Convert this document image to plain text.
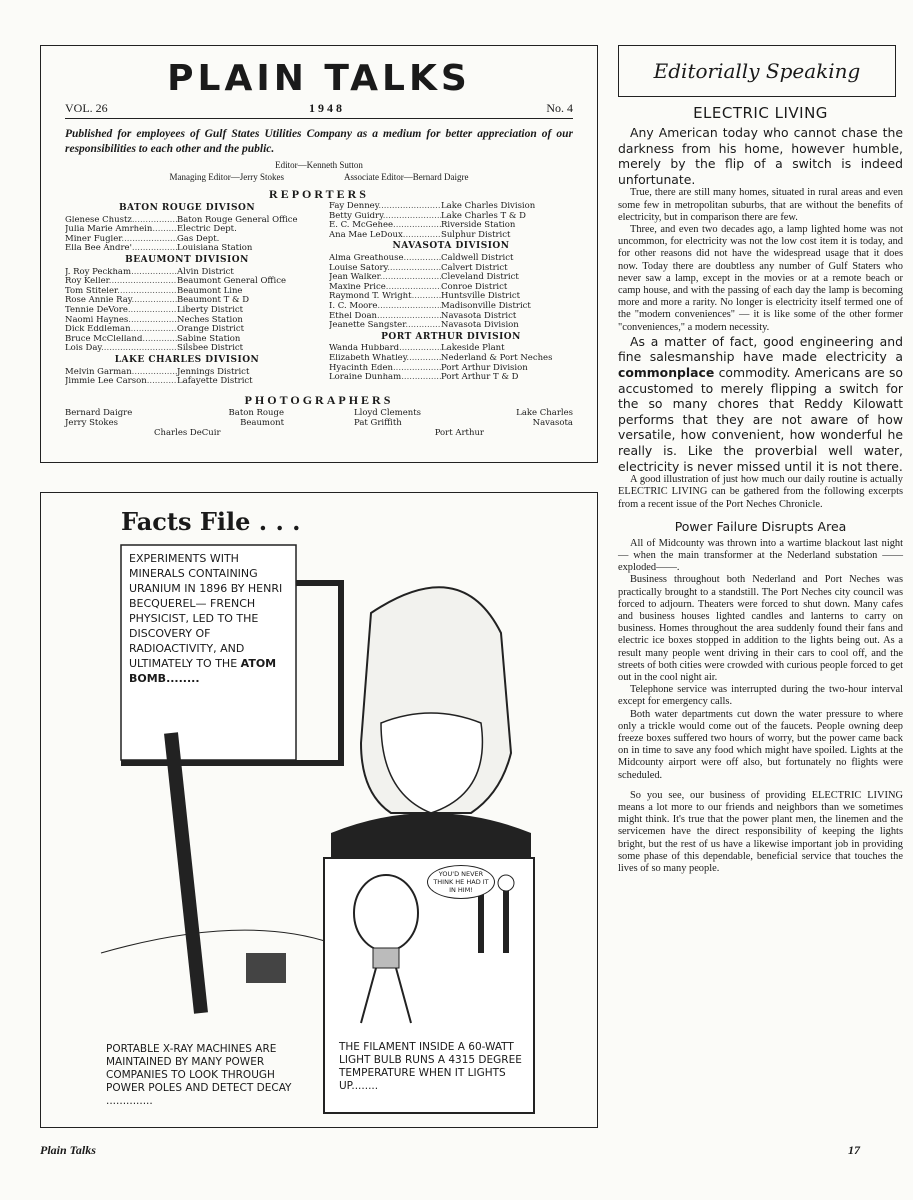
PLAIN TALKS
VOL. 26	1948	No. 4

Published for employees of Gulf States Utilities Company as a medium for better appreciation of our responsibilities to each other and the public.

Editor—Kenneth Sutton
Managing Editor—Jerry Stokes	Associate Editor—Bernard Daigre
REPORTERS
BATON ROUGE DIVISON
Glenese Chustz .....	Baton Rouge General Office
Julia Marie Amrhein .....	Electric Dept.
Miner Fugler .....	Gas Dept.
Ella Bee Andre' .....	Louisiana Station
BEAUMONT DIVISION
J. Roy Peckham .....	Alvin District
Roy Keller .....	Beaumont General Office
Tom Stiteler .....	Beaumont Line
Rose Annie Ray .....	Beaumont T & D
Tennie DeVore .....	Liberty District
Naomi Haynes .....	Neches Station
Dick Eddleman .....	Orange District
Bruce McClelland .....	Sabine Station
Lois Day .....	Silsbee District
LAKE CHARLES DIVISION
Melvin Garman .....	Jennings District
Jimmie Lee Carson .....	Lafayette District
Fay Denney .....	Lake Charles Division
Betty Guidry .....	Lake Charles T & D
E. C. McGehee .....	Riverside Station
Ana Mae LeDoux .....	Sulphur District
NAVASOTA DIVISION
Alma Greathouse .....	Caldwell District
Louise Satory .....	Calvert District
Jean Walker .....	Cleveland District
Maxine Price .....	Conroe District
Raymond T. Wright .....	Huntsville District
I. C. Moore .....	Madisonville District
Ethel Doan .....	Navasota District
Jeanette Sangster .....	Navasota Division
PORT ARTHUR DIVISION
Wanda Hubbard .....	Lakeside Plant
Elizabeth Whatley .....	Nederland & Port Neches
Hyacinth Eden .....	Port Arthur Division
Loraine Dunham .....	Port Arthur T & D
PHOTOGRAPHERS
Bernard Daigre	Baton Rouge
Jerry Stokes	Beaumont
Lloyd Clements	Lake Charles
Pat Griffith	Navasota
Charles DeCuir	Port Arthur
Editorially Speaking
ELECTRIC LIVING

Any American today who cannot chase the darkness from his home, however humble, merely by the flip of a switch is indeed unfortunate.

True, there are still many homes, situated in rural areas and even some few in metropolitan suburbs, that are without the benefits of electricity, but in comparison there are few.

Three, and even two decades ago, a lamp lighted home was not uncommon, for electricity was not the low cost item it is today, and for other reasons did not have the widespread usage that it does now. Today there are doubtless any number of Gulf Staters who never saw a lamp, except in the movies or at a remote beach or camp house, and with the passing of each day the lamp is becoming more and more a rarity. No longer is electricity itself termed one of the "modern conveniences" — it is like some of the other former "conveniences," a modern necessity.

As a matter of fact, good engineering and fine salesmanship have made electricity a commonplace commodity. Americans are so accustomed to merely flipping a switch for the so many chores that Reddy Kilowatt performs that they are not aware of how versatile, how convenient, how wonderful he really is. Like the proverbial well water, electricity is never missed until it is not there.

A good illustration of just how much our daily routine is actually ELECTRIC LIVING can be gathered from the following excerpts from a recent issue of the Port Neches Chronicle.

Power Failure Disrupts Area

All of Midcounty was thrown into a wartime blackout last night — when the main transformer at the Nederland substation ——exploded——.

Business throughout both Nederland and Port Neches was practically brought to a standstill. The Port Neches city council was forced to adjourn. Theaters were forced to shut down. Many cafes and business houses lighted candles and lanterns to carry on business. Homes throughout the area suddenly found their fans and electric ice boxes stopped in addition to the lights being out. As a result many people went driving in their cars to cool off, and the streets of both cities were crowded with curious people forced to get out in the cool night air.

Telephone service was interrupted during the two-hour interval except for emergency calls.

Both water departments cut down the water pressure to where only a trickle would come out of the faucets. People owning deep freeze boxes suffered two hours of worry, but the power came back on in time to save any food which might have spoiled. Lights at the Midcounty airport were off also, but fortunately no flights were scheduled.

So you see, our business of providing ELECTRIC LIVING means a lot more to our friends and neighbors than we sometimes might think. It's true that the power plant men, the linemen and the servicemen have the direct responsibility of keeping the lights bright, but the rest of us have a likewise important job in providing some phase of this dependable, beneficial service that touches the lives of so many people.

Facts File . . .
EXPERIMENTS WITH MINERALS CONTAINING URANIUM IN 1896 BY HENRI BECQUEREL— FRENCH PHYSICIST, LED TO THE DISCOVERY OF RADIOACTIVITY, AND ULTIMATELY TO THE ATOM BOMB........
YOU'D NEVER THINK HE HAD IT IN HIM!
PORTABLE X-RAY MACHINES ARE MAINTAINED BY MANY POWER COMPANIES TO LOOK THROUGH POWER POLES AND DETECT DECAY ..............
THE FILAMENT INSIDE A 60-WATT LIGHT BULB RUNS A 4315 DEGREE TEMPERATURE WHEN IT LIGHTS UP........
Plain Talks	17
